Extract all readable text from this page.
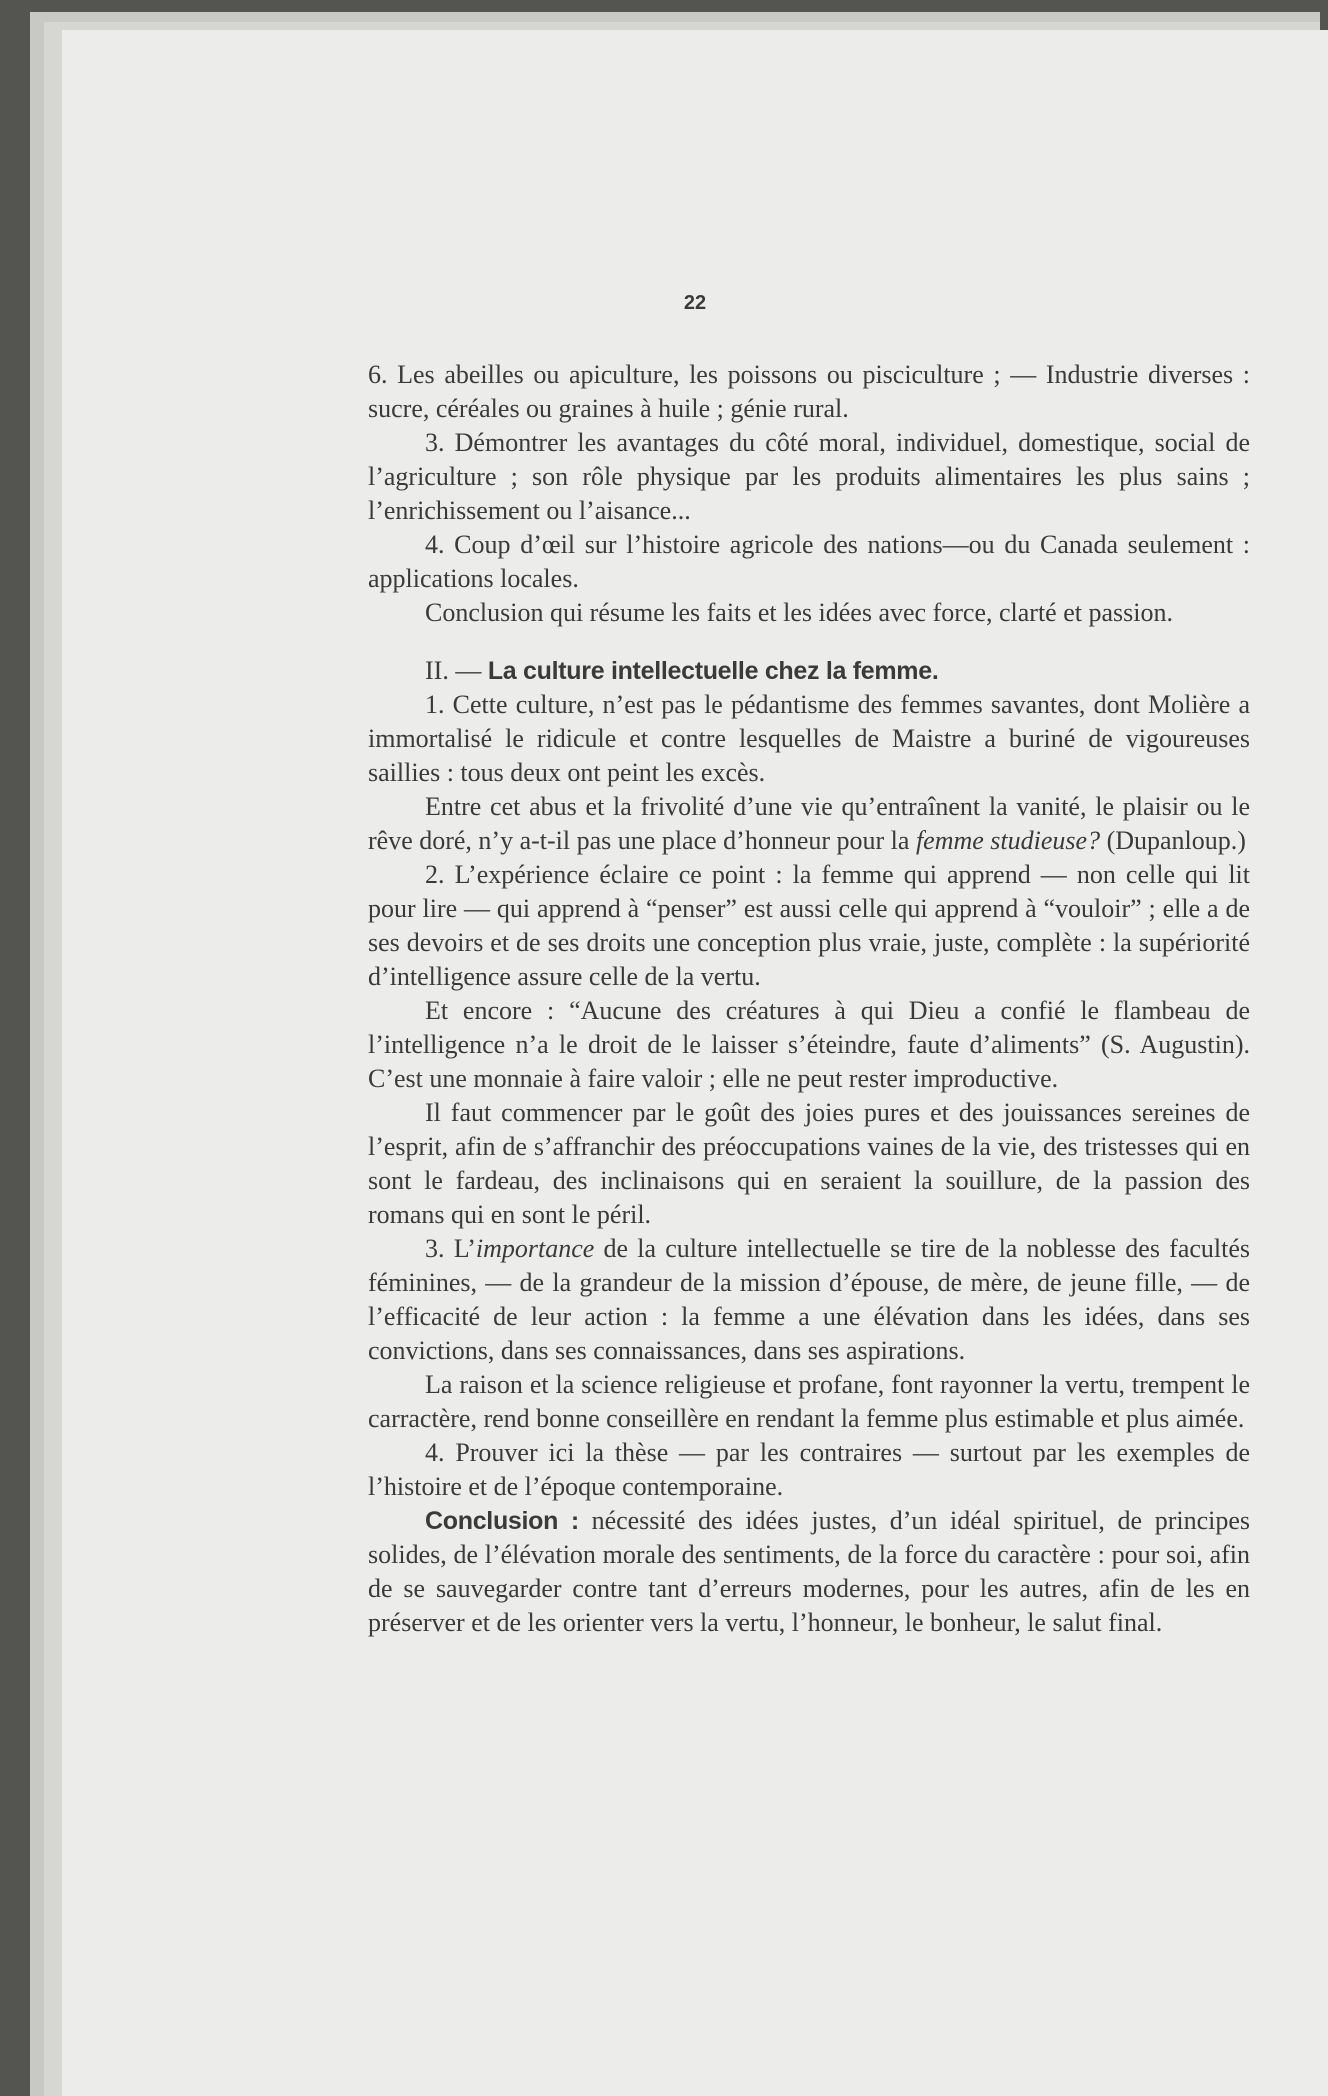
22

6. Les abeilles ou apiculture, les poissons ou pisciculture ; — Industrie diverses : sucre, céréales ou graines à huile ; génie rural.

3. Démontrer les avantages du côté moral, individuel, domestique, social de l’agriculture ; son rôle physique par les produits alimentaires les plus sains ; l’enrichissement ou l’aisance...

4. Coup d’œil sur l’histoire agricole des nations—ou du Canada seulement : applications locales.

Conclusion qui résume les faits et les idées avec force, clarté et passion.

II. — La culture intellectuelle chez la femme.

1. Cette culture, n’est pas le pédantisme des femmes savantes, dont Molière a immortalisé le ridicule et contre lesquelles de Maistre a buriné de vigoureuses saillies : tous deux ont peint les excès.

Entre cet abus et la frivolité d’une vie qu’entraînent la vanité, le plaisir ou le rêve doré, n’y a-t-il pas une place d’honneur pour la femme studieuse? (Dupanloup.)

2. L’expérience éclaire ce point : la femme qui apprend — non celle qui lit pour lire — qui apprend à “penser” est aussi celle qui apprend à “vouloir” ; elle a de ses devoirs et de ses droits une conception plus vraie, juste, complète : la supériorité d’intelligence assure celle de la vertu.

Et encore : “Aucune des créatures à qui Dieu a confié le flambeau de l’intelligence n’a le droit de le laisser s’éteindre, faute d’aliments” (S. Augustin). C’est une monnaie à faire valoir ; elle ne peut rester improductive.

Il faut commencer par le goût des joies pures et des jouissances sereines de l’esprit, afin de s’affranchir des préoccupations vaines de la vie, des tristesses qui en sont le fardeau, des inclinaisons qui en seraient la souillure, de la passion des romans qui en sont le péril.

3. L’importance de la culture intellectuelle se tire de la noblesse des facultés féminines, — de la grandeur de la mission d’épouse, de mère, de jeune fille, — de l’efficacité de leur action : la femme a une élévation dans les idées, dans ses convictions, dans ses connaissances, dans ses aspirations.

La raison et la science religieuse et profane, font rayonner la vertu, trempent le carractère, rend bonne conseillère en rendant la femme plus estimable et plus aimée.

4. Prouver ici la thèse — par les contraires — surtout par les exemples de l’histoire et de l’époque contemporaine.

Conclusion : nécessité des idées justes, d’un idéal spirituel, de principes solides, de l’élévation morale des sentiments, de la force du caractère : pour soi, afin de se sauvegarder contre tant d’erreurs modernes, pour les autres, afin de les en préserver et de les orienter vers la vertu, l’honneur, le bonheur, le salut final.
